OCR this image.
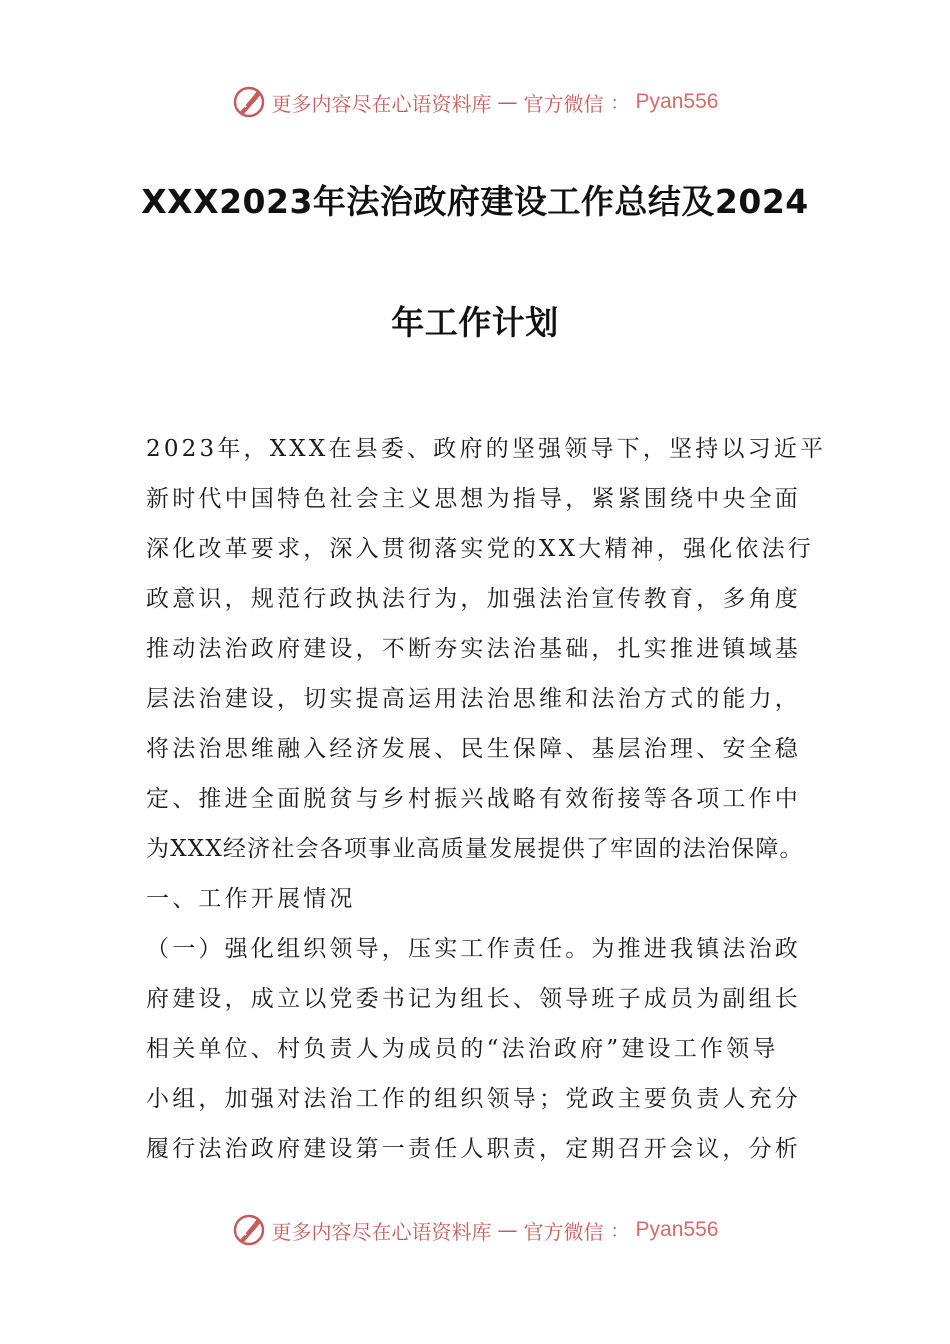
更多内容尽在心语资料库 — 官方微信 ： Pyan556
XXX2023年法治政府建设工作总结及2024
年工作计划
2023年，XXX在县委、政府的坚强领导下，坚持以习近平
新时代中国特色社会主义思想为指导，紧紧围绕中央全面
深化改革要求，深入贯彻落实党的XX大精神，强化依法行
政意识，规范行政执法行为，加强法治宣传教育，多角度
推动法治政府建设，不断夯实法治基础，扎实推进镇域基
层法治建设，切实提高运用法治思维和法治方式的能力，
将法治思维融入经济发展、民生保障、基层治理、安全稳
定、推进全面脱贫与乡村振兴战略有效衔接等各项工作中
为XXX经济社会各项事业高质量发展提供了牢固的法治保障。
一、工作开展情况
（一）强化组织领导，压实工作责任。为推进我镇法治政
府建设，成立以党委书记为组长、领导班子成员为副组长
相关单位、村负责人为成员的“法治政府”建设工作领导
小组，加强对法治工作的组织领导；党政主要负责人充分
履行法治政府建设第一责任人职责，定期召开会议，分析
更多内容尽在心语资料库 — 官方微信 ： Pyan556
